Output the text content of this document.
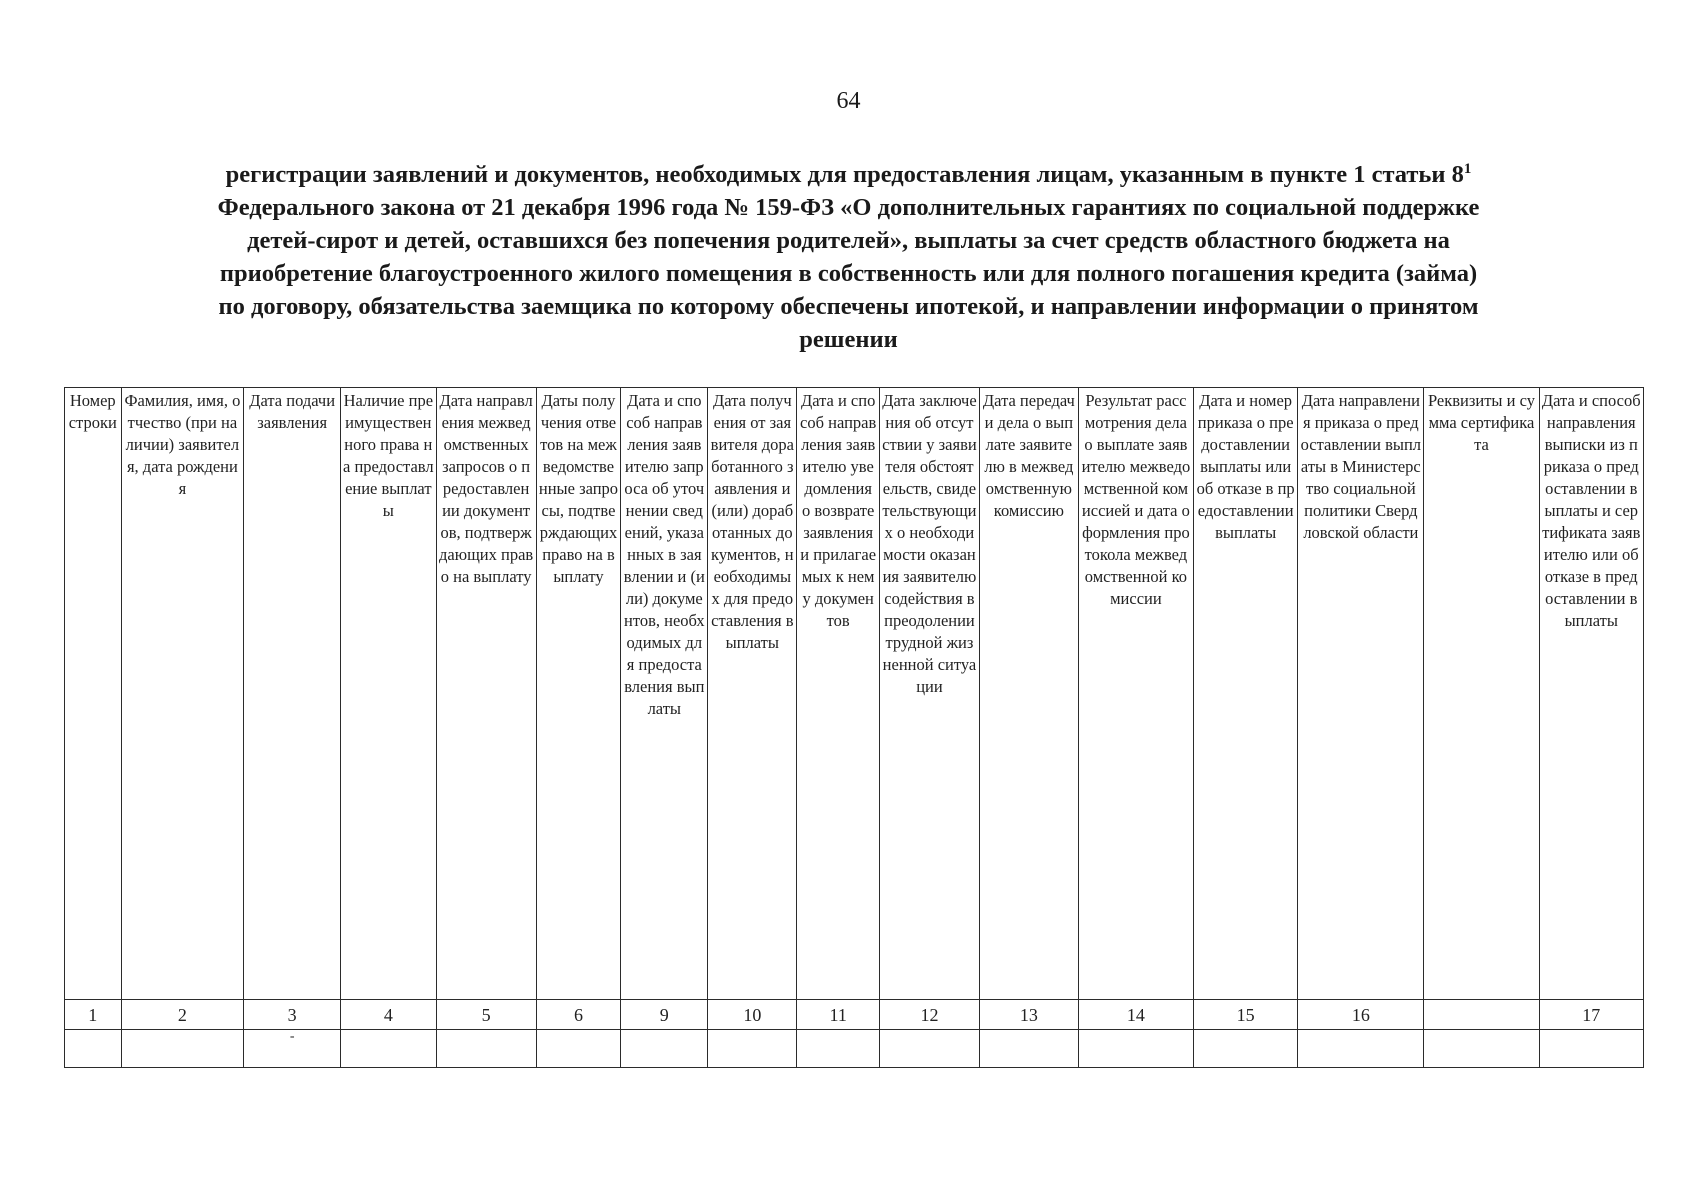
64
регистрации заявлений и документов, необходимых для предоставления лицам, указанным в пункте 1 статьи $8^1$
Федерального закона от 21 декабря 1996 года № 159-ФЗ «О дополнительных гарантиях по социальной поддержке
детей-сирот и детей, оставшихся без попечения родителей», выплаты за счет средств областного бюджета на
приобретение благоустроенного жилого помещения в собственность или для полного погашения кредита (займа)
по договору, обязательства заемщика по которому обеспечены ипотекой, и направлении информации о принятом
решении
Номер строки	Фамилия, имя, отчество (при наличии) заявителя, дата рождения	Дата подачи заявления	Наличие преимущественного права на предоставление выплаты	Дата направления межведомственных запросов о предоставлении документов, подтверждающих право на выплату	Даты получения ответов на межведомственные запросы, подтверждающих право на выплату	Дата и способ направления заявителю запроса об уточнении сведений, указанных в заявлении и (или) документов, необходимых для предоставления выплаты	Дата получения от заявителя доработанного заявления и (или) доработанных документов, необходимых для предоставления выплаты	Дата и способ направления заявителю уведомления о возврате заявления и прилагаемых к нему документов	Дата заключения об отсутствии у заявителя обстоятельств, свидетельствующих о необходимости оказания заявителю содействия в преодолении трудной жизненной ситуации	Дата передачи дела о выплате заявителю в межведомственную комиссию	Результат рассмотрения дела о выплате заявителю межведомственной комиссией и дата оформления протокола межведомственной комиссии	Дата и номер приказа о предоставлении выплаты или об отказе в предоставлении выплаты	Дата направления приказа о предоставлении выплаты в Министерство социальной политики Свердловской области	Реквизиты и сумма сертификата	Дата и способ направления выписки из приказа о предоставлении выплаты и сертификата заявителю или об отказе в предоставлении выплаты
1	2	3	4	5	6	9	10	11	12	13	14	15	16		17
		-													
